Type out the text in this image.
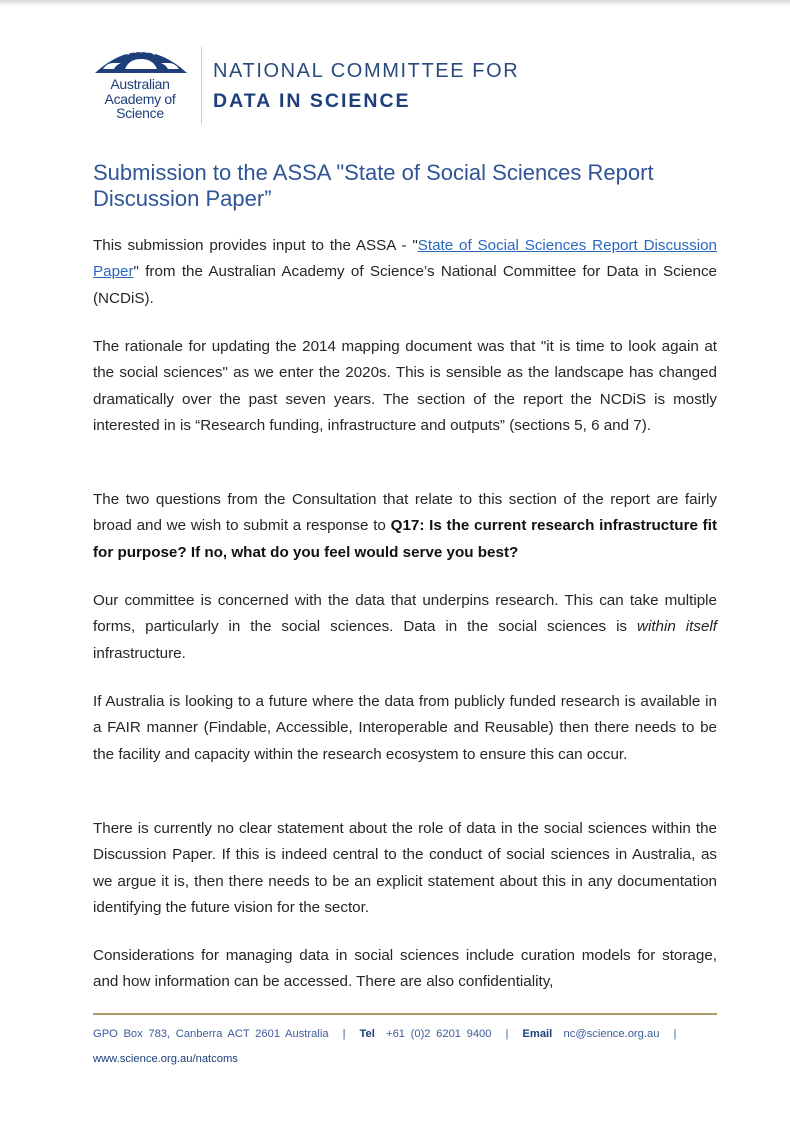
Australian
Academy of
Science
NATIONAL COMMITTEE FOR
DATA IN SCIENCE
Submission to the ASSA "State of Social Sciences Report Discussion Paper”

This submission provides input to the ASSA - "State of Social Sciences Report Discussion Paper" from the Australian Academy of Science’s National Committee for Data in Science (NCDiS).

The rationale for updating the 2014 mapping document was that "it is time to look again at the social sciences" as we enter the 2020s. This is sensible as the landscape has changed dramatically over the past seven years. The section of the report the NCDiS is mostly interested in is “Research funding, infrastructure and outputs” (sections 5, 6 and 7).

The two questions from the Consultation that relate to this section of the report are fairly broad and we wish to submit a response to Q17: Is the current research infrastructure fit for purpose? If no, what do you feel would serve you best?

Our committee is concerned with the data that underpins research. This can take multiple forms, particularly in the social sciences. Data in the social sciences is within itself infrastructure.

If Australia is looking to a future where the data from publicly funded research is available in a FAIR manner (Findable, Accessible, Interoperable and Reusable) then there needs to be the facility and capacity within the research ecosystem to ensure this can occur.

There is currently no clear statement about the role of data in the social sciences within the Discussion Paper. If this is indeed central to the conduct of social sciences in Australia, as we argue it is, then there needs to be an explicit statement about this in any documentation identifying the future vision for the sector.

Considerations for managing data in social sciences include curation models for storage, and how information can be accessed. There are also confidentiality,

GPO Box 783, Canberra ACT 2601 Australia | Tel +61 (0)2 6201 9400 | Email nc@science.org.au |
www.science.org.au/natcoms
